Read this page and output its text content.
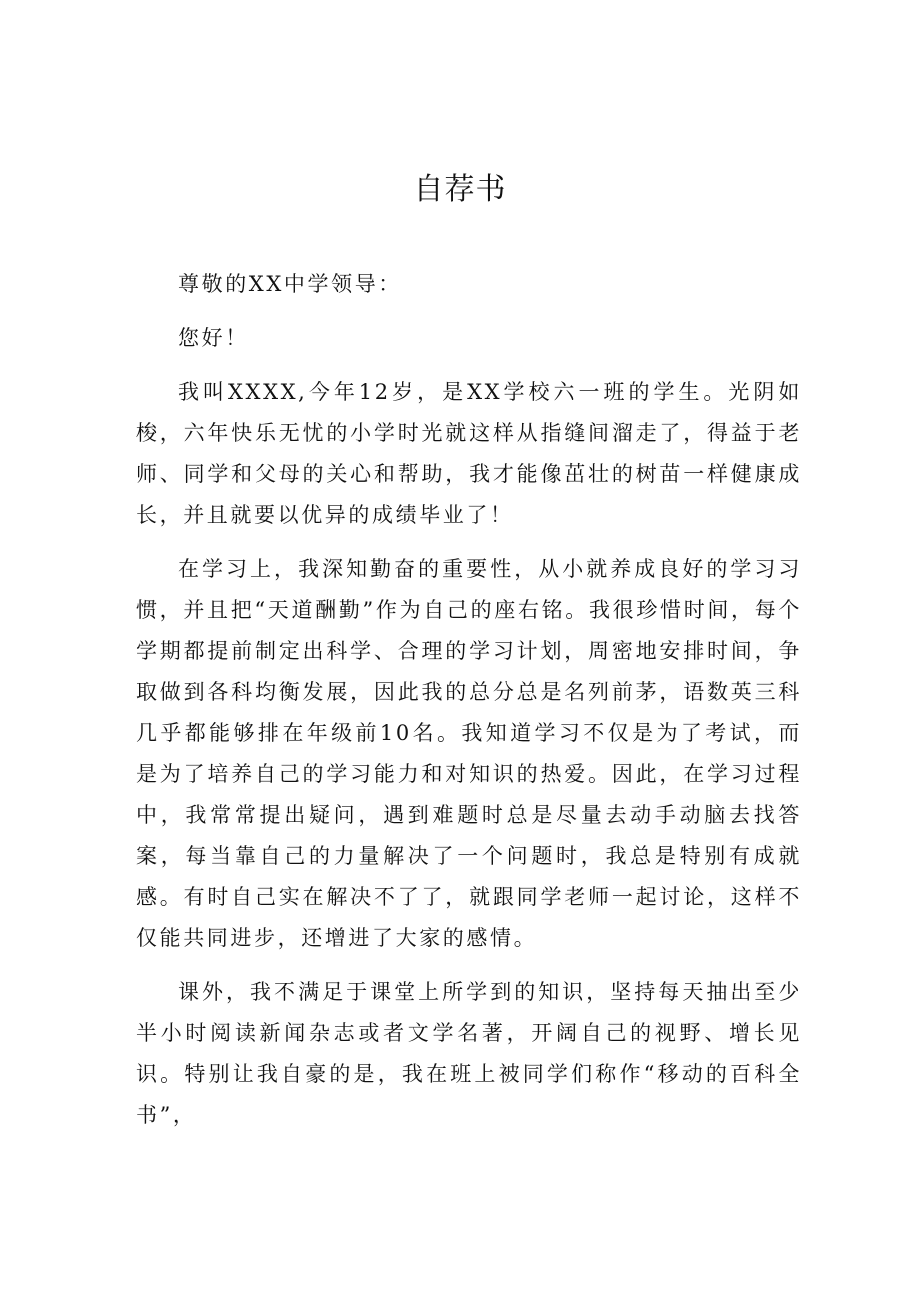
自荐书

尊敬的XX中学领导：

您好！

我叫XXXX,今年12岁，是XX学校六一班的学生。光阴如梭，六年快乐无忧的小学时光就这样从指缝间溜走了，得益于老师、同学和父母的关心和帮助，我才能像茁壮的树苗一样健康成长，并且就要以优异的成绩毕业了！

在学习上，我深知勤奋的重要性，从小就养成良好的学习习惯，并且把“天道酬勤”作为自己的座右铭。我很珍惜时间，每个学期都提前制定出科学、合理的学习计划，周密地安排时间，争取做到各科均衡发展，因此我的总分总是名列前茅，语数英三科几乎都能够排在年级前10名。我知道学习不仅是为了考试，而是为了培养自己的学习能力和对知识的热爱。因此，在学习过程中，我常常提出疑问，遇到难题时总是尽量去动手动脑去找答案，每当靠自己的力量解决了一个问题时，我总是特别有成就感。有时自己实在解决不了了，就跟同学老师一起讨论，这样不仅能共同进步，还增进了大家的感情。

课外，我不满足于课堂上所学到的知识，坚持每天抽出至少半小时阅读新闻杂志或者文学名著，开阔自己的视野、增长见识。特别让我自豪的是，我在班上被同学们称作“移动的百科全书”，
